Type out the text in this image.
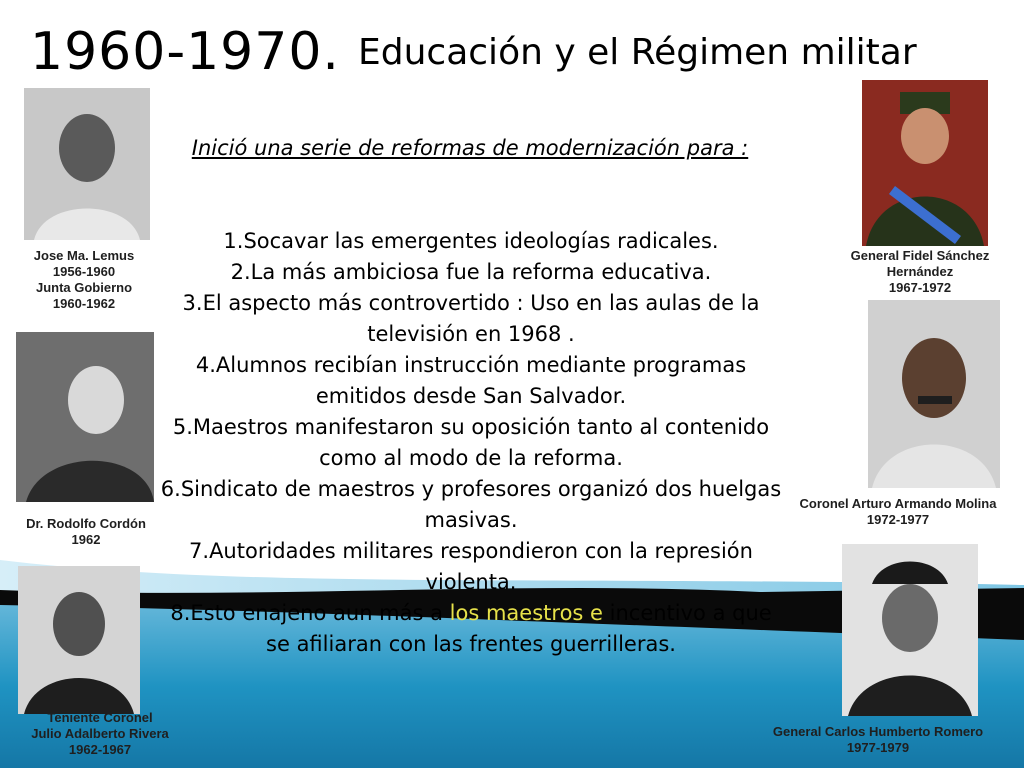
1960-1970. Educación y el Régimen militar
Inició una serie de reformas de modernización para :

1.Socavar las emergentes ideologías radicales.

2.La más ambiciosa fue la reforma educativa.

3.El aspecto más controvertido : Uso en las aulas de la televisión en 1968 .

4.Alumnos recibían instrucción mediante programas emitidos desde San Salvador.

5.Maestros manifestaron su oposición tanto al contenido como al modo de la reforma.

6.Sindicato de maestros y profesores organizó dos huelgas masivas.

7.Autoridades militares respondieron con la represión violenta.

8.Esto enajeno aun más a los maestros e incentivo a que se afiliaran con las frentes guerrilleras.

Jose Ma. Lemus
1956-1960
Junta Gobierno
1960-1962
Dr. Rodolfo Cordón
1962
Teniente Coronel
Julio Adalberto Rivera
1962-1967
General Fidel Sánchez
Hernández
1967-1972
Coronel Arturo Armando Molina
1972-1977
General Carlos Humberto Romero
1977-1979
